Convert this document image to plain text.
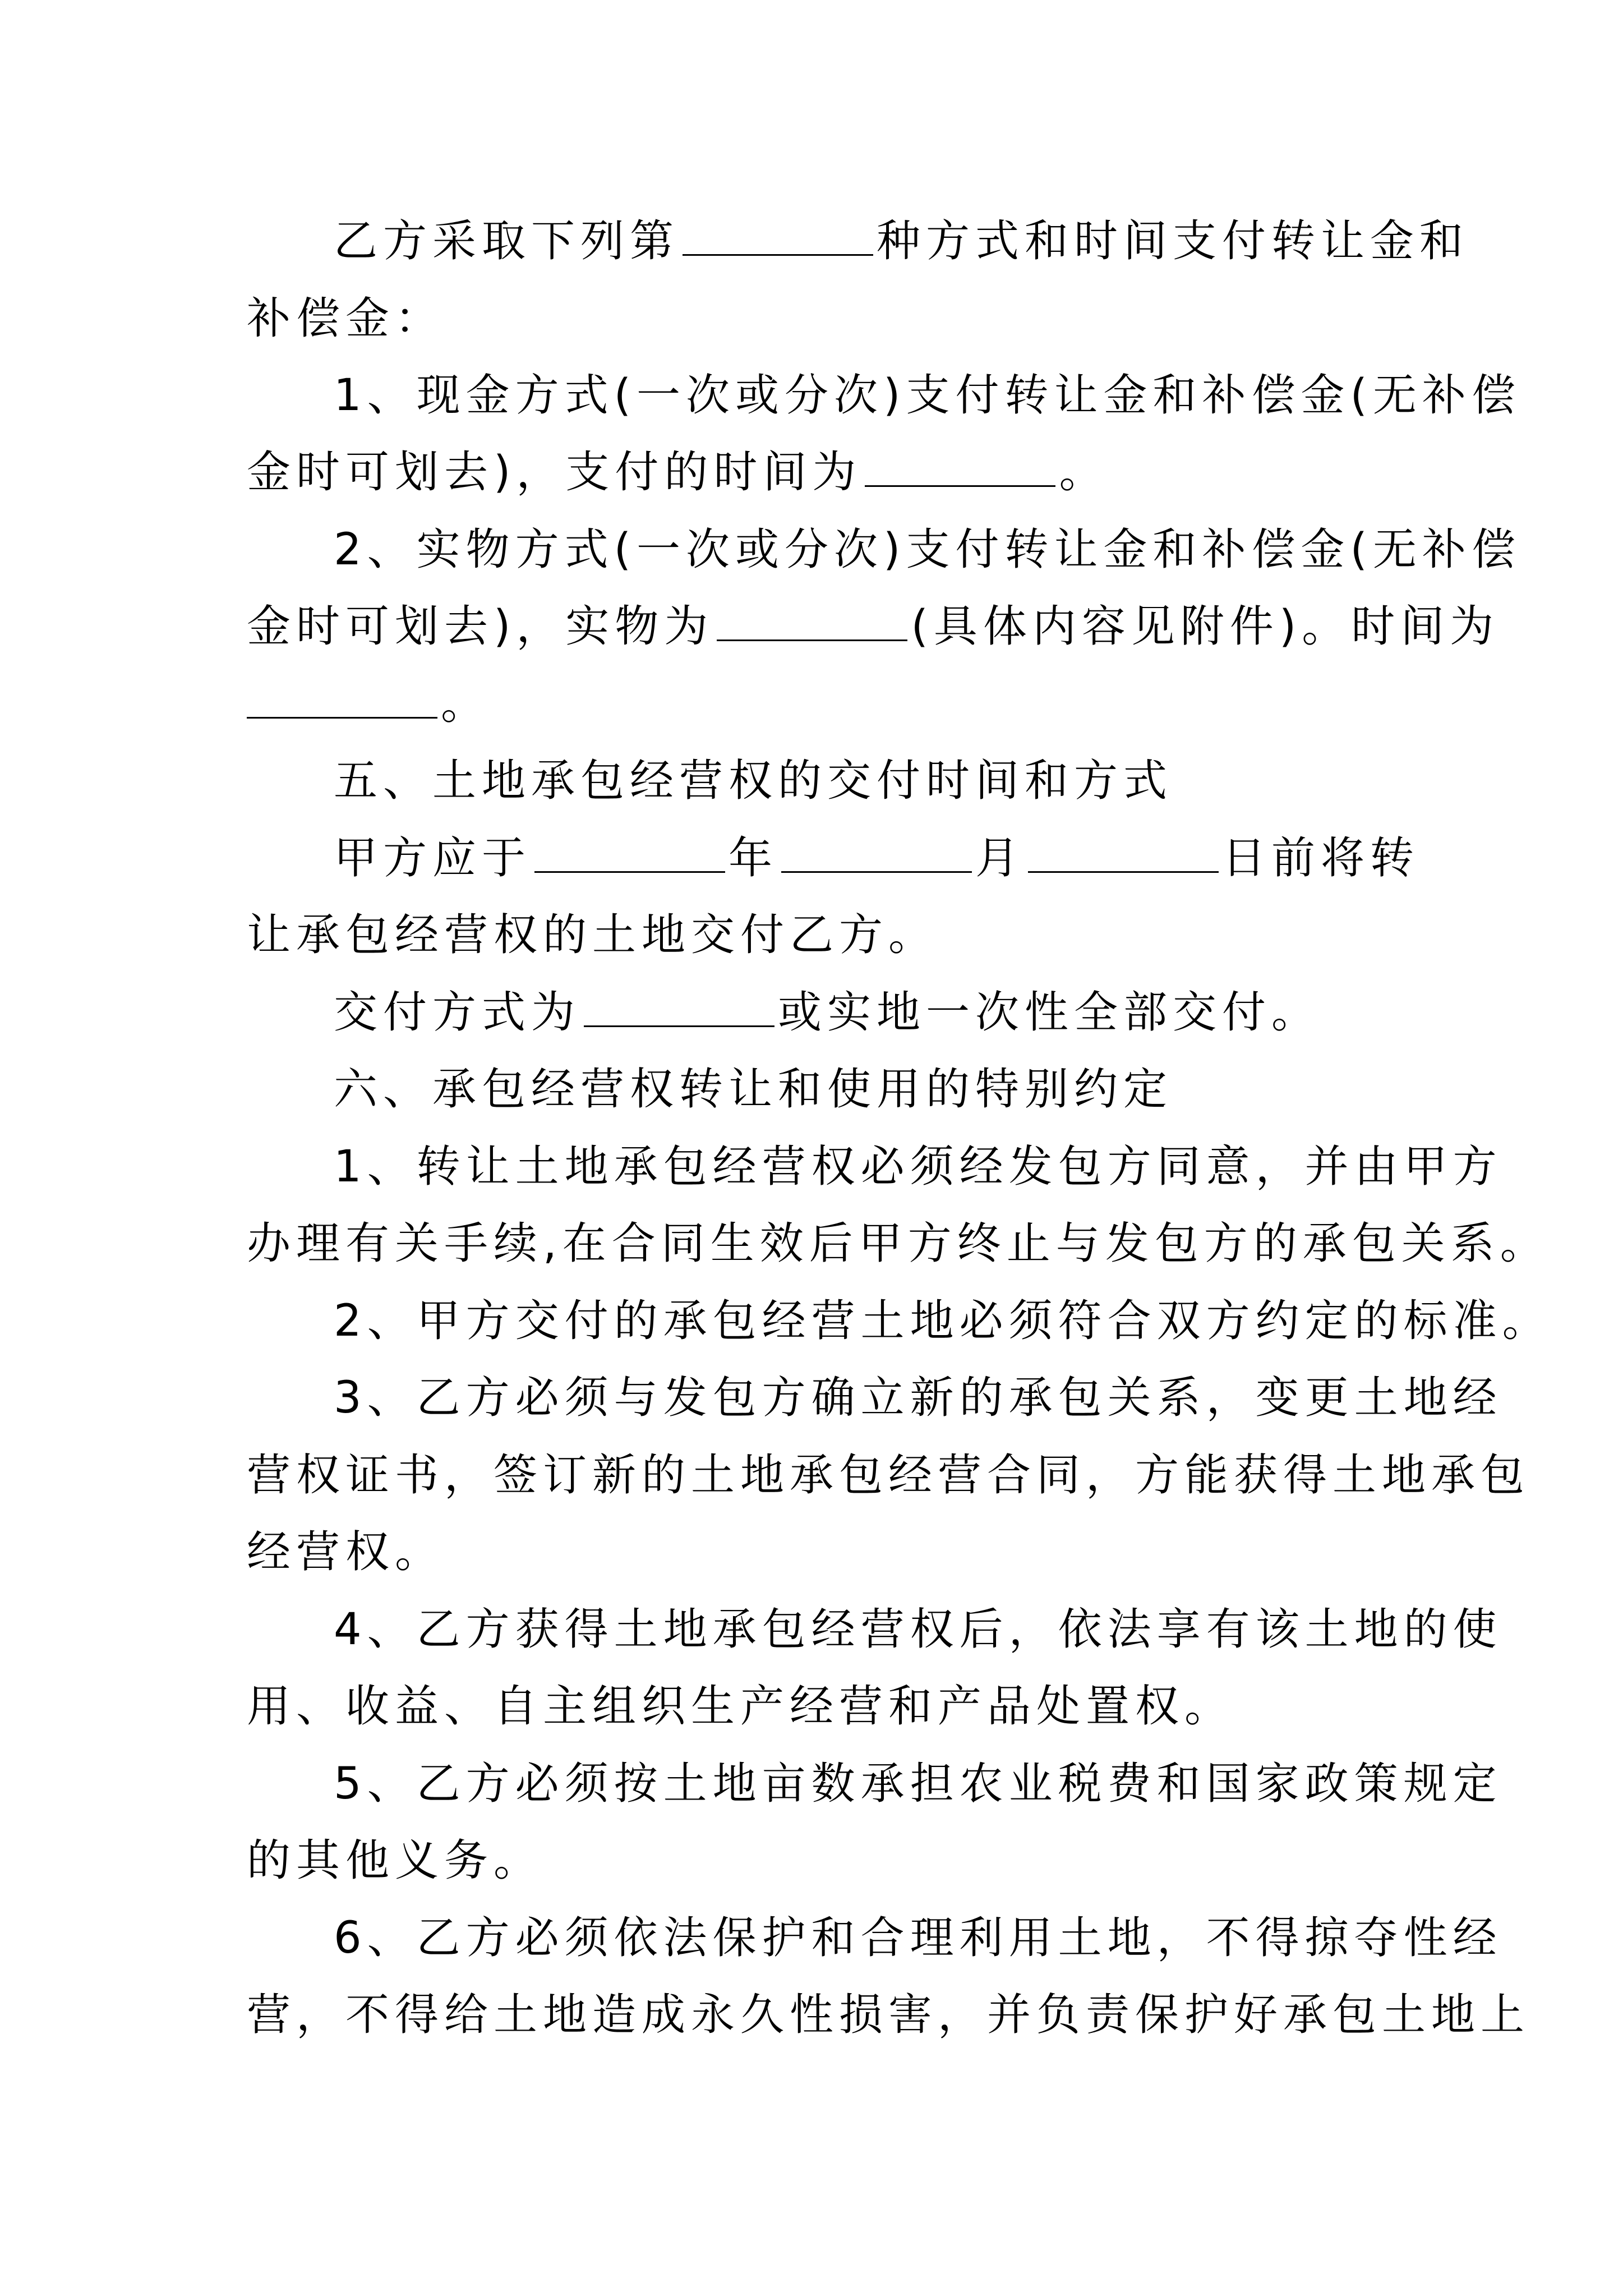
乙方采取下列第	种方式和时间支付转让金和
补偿金：
1、现金方式(一次或分次)支付转让金和补偿金(无补偿
金时可划去)，支付的时间为	。
2、实物方式(一次或分次)支付转让金和补偿金(无补偿
金时可划去)，实物为	(具体内容见附件)。时间为
。
五、土地承包经营权的交付时间和方式
甲方应于	年	月	日前将转
让承包经营权的土地交付乙方。
交付方式为	或实地一次性全部交付。
六、承包经营权转让和使用的特别约定
1、转让土地承包经营权必须经发包方同意，并由甲方
办理有关手续,在合同生效后甲方终止与发包方的承包关系。
2、甲方交付的承包经营土地必须符合双方约定的标准。
3、乙方必须与发包方确立新的承包关系，变更土地经
营权证书，签订新的土地承包经营合同，方能获得土地承包
经营权。
4、乙方获得土地承包经营权后，依法享有该土地的使
用、收益、自主组织生产经营和产品处置权。
5、乙方必须按土地亩数承担农业税费和国家政策规定
的其他义务。
6、乙方必须依法保护和合理利用土地，不得掠夺性经
营，不得给土地造成永久性损害，并负责保护好承包土地上
